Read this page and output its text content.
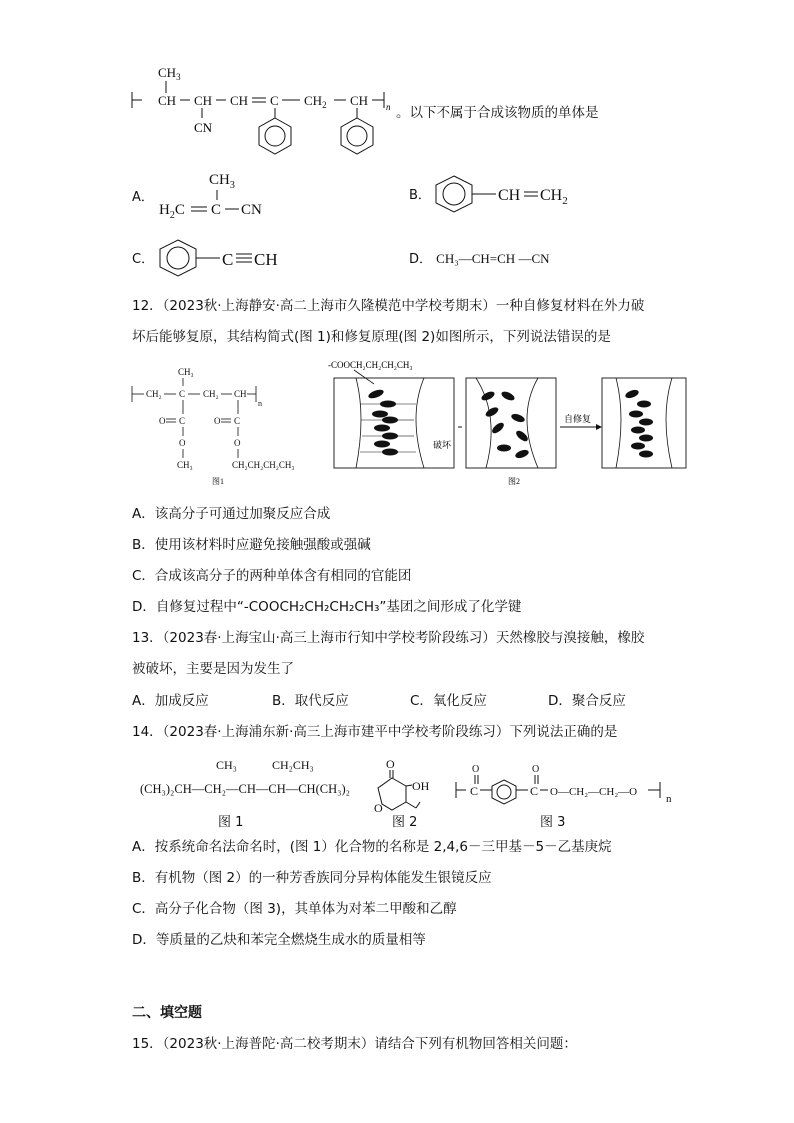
$CH_3$
CH CH CH C $CH_2$ CH n
CN
。以下不属于合成该物质的单体是
A．
$CH_3$
$H_2C$ C CN
B．	CH $CH_2$
C．	C CH	D． CH₃—CH=CH —CN
12．（2023秋·上海静安·高二上海市久隆模范中学校考期末）一种自修复材料在外力破
坏后能够复原，其结构简式(图 1)和修复原理(图 2)如图所示，下列说法错误的是
CH₃
CH₂ C CH₂ CH
n
O C
O
CH₃
O C
O
CH₂CH₂CH₂CH₃
图1
-COOCH₂CH₂CH₂CH₃
破坏
自修复
图2
A．该高分子可通过加聚反应合成
B．使用该材料时应避免接触强酸或强碱
C．合成该高分子的两种单体含有相同的官能团
D．自修复过程中“-COOCH₂CH₂CH₂CH₃”基团之间形成了化学键
13．（2023春·上海宝山·高三上海市行知中学校考阶段练习）天然橡胶与溴接触，橡胶
被破坏，主要是因为发生了
A．加成反应	B．取代反应	C．氧化反应	D．聚合反应
14．（2023春·上海浦东新·高三上海市建平中学校考阶段练习）下列说法正确的是
CH₃	CH₂CH₃
(CH₃)₂CH—CH₂—CH—CH—CH(CH₃)₂
图 1
O
OH
O
图 2
O
C
O
C O—CH₂—CH₂—O
n
图 3
A．按系统命名法命名时，(图 1）化合物的名称是 2,4,6－三甲基－5－乙基庚烷
B．有机物（图 2）的一种芳香族同分异构体能发生银镜反应
C．高分子化合物（图 3)，其单体为对苯二甲酸和乙醇
D．等质量的乙炔和苯完全燃烧生成水的质量相等
二、填空题
15．（2023秋·上海普陀·高二校考期末）请结合下列有机物回答相关问题：
